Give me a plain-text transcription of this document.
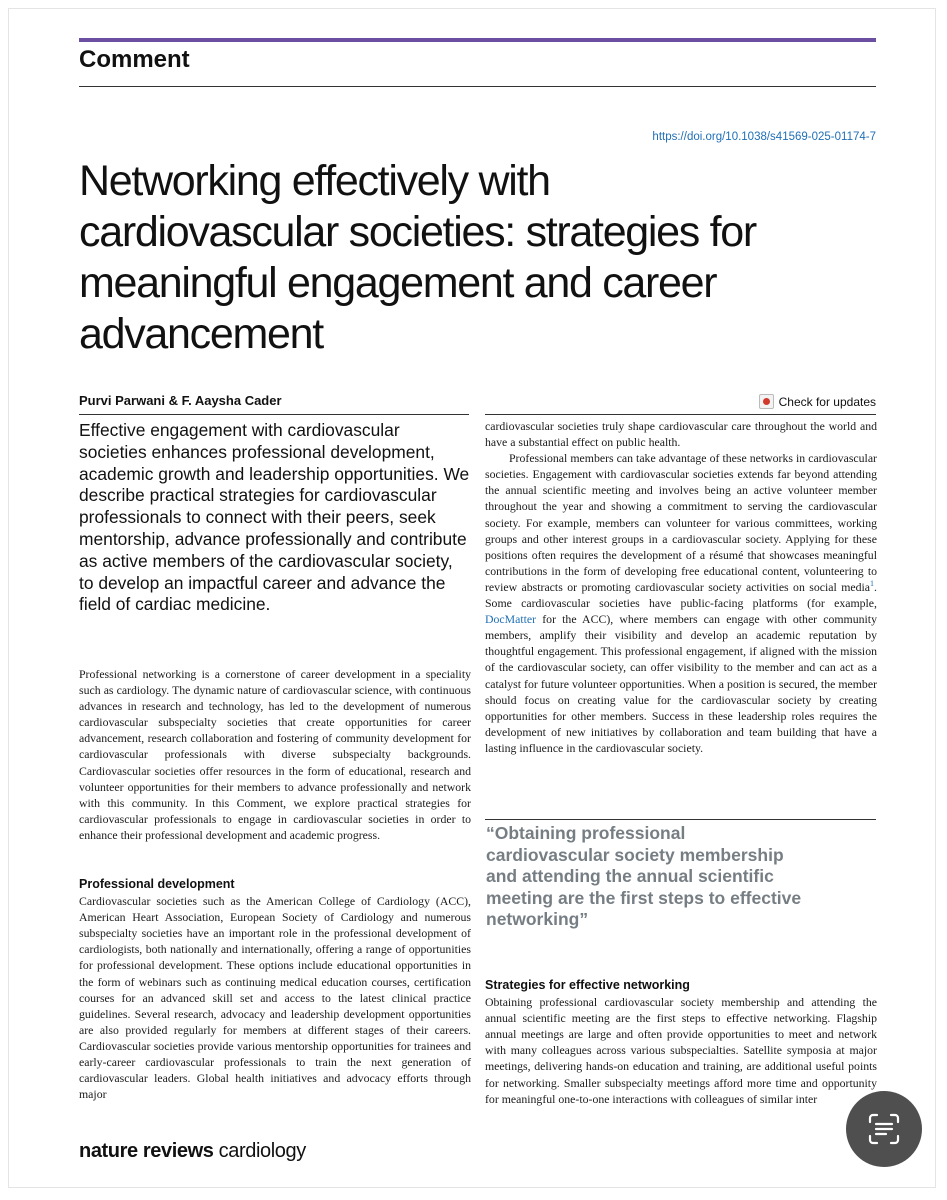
Comment
https://doi.org/10.1038/s41569-025-01174-7
Networking effectively with cardiovascular societies: strategies for meaningful engagement and career advancement
Purvi Parwani & F. Aaysha Cader	Check for updates

Effective engagement with cardiovascular societies enhances professional development, academic growth and leadership opportunities. We describe practical strategies for cardiovascular professionals to connect with their peers, seek mentorship, advance professionally and contribute as active members of the cardiovascular society, to develop an impactful career and advance the field of cardiac medicine.

Professional networking is a cornerstone of career development in a speciality such as cardiology. The dynamic nature of cardiovascular science, with continuous advances in research and technology, has led to the development of numerous cardiovascular subspecialty societies that create opportunities for career advancement, research collaboration and fostering of community development for cardiovascular professionals with diverse subspecialty backgrounds. Cardiovascular societies offer resources in the form of educational, research and volunteer opportunities for their members to advance professionally and network with this community. In this Comment, we explore practical strategies for cardiovascular professionals to engage in cardiovascular societies in order to enhance their professional development and academic progress.

Professional development

Cardiovascular societies such as the American College of Cardiology (ACC), American Heart Association, European Society of Cardiology and numerous subspecialty societies have an important role in the professional development of cardiologists, both nationally and internationally, offering a range of opportunities for professional development. These options include educational opportunities in the form of webinars such as continuing medical education courses, certification courses for an advanced skill set and access to the latest clinical practice guidelines. Several research, advocacy and leadership development opportunities are also provided regularly for members at different stages of their careers. Cardiovascular societies provide various mentorship opportunities for trainees and early-career cardiovascular professionals to train the next generation of cardiovascular leaders. Global health initiatives and advocacy efforts through major

cardiovascular societies truly shape cardiovascular care throughout the world and have a substantial effect on public health.

Professional members can take advantage of these networks in cardiovascular societies. Engagement with cardiovascular societies extends far beyond attending the annual scientific meeting and involves being an active volunteer member throughout the year and showing a commitment to serving the cardiovascular society. For example, members can volunteer for various committees, working groups and other interest groups in a cardiovascular society. Applying for these positions often requires the development of a résumé that showcases meaningful contributions in the form of developing free educational content, volunteering to review abstracts or promoting cardiovascular society activities on social media$^1$. Some cardiovascular societies have public-facing platforms (for example, DocMatter for the ACC), where members can engage with other community members, amplify their visibility and develop an academic reputation by thoughtful engagement. This professional engagement, if aligned with the mission of the cardiovascular society, can offer visibility to the member and can act as a catalyst for future volunteer opportunities. When a position is secured, the member should focus on creating value for the cardiovascular society by creating opportunities for other members. Success in these leadership roles requires the development of new initiatives by collaboration and team building that have a lasting influence in the cardiovascular society.

“Obtaining professional cardiovascular society membership and attending the annual scientific meeting are the first steps to effective networking”

Strategies for effective networking

Obtaining professional cardiovascular society membership and attending the annual scientific meeting are the first steps to effective networking. Flagship annual meetings are large and often provide opportunities to meet and network with many colleagues across various subspecialties. Satellite symposia at major meetings, delivering hands-on education and training, are additional useful points for networking. Smaller subspecialty meetings afford more time and opportunity for meaningful one-to-one interactions with colleagues of similar inter

nature reviews cardiology
